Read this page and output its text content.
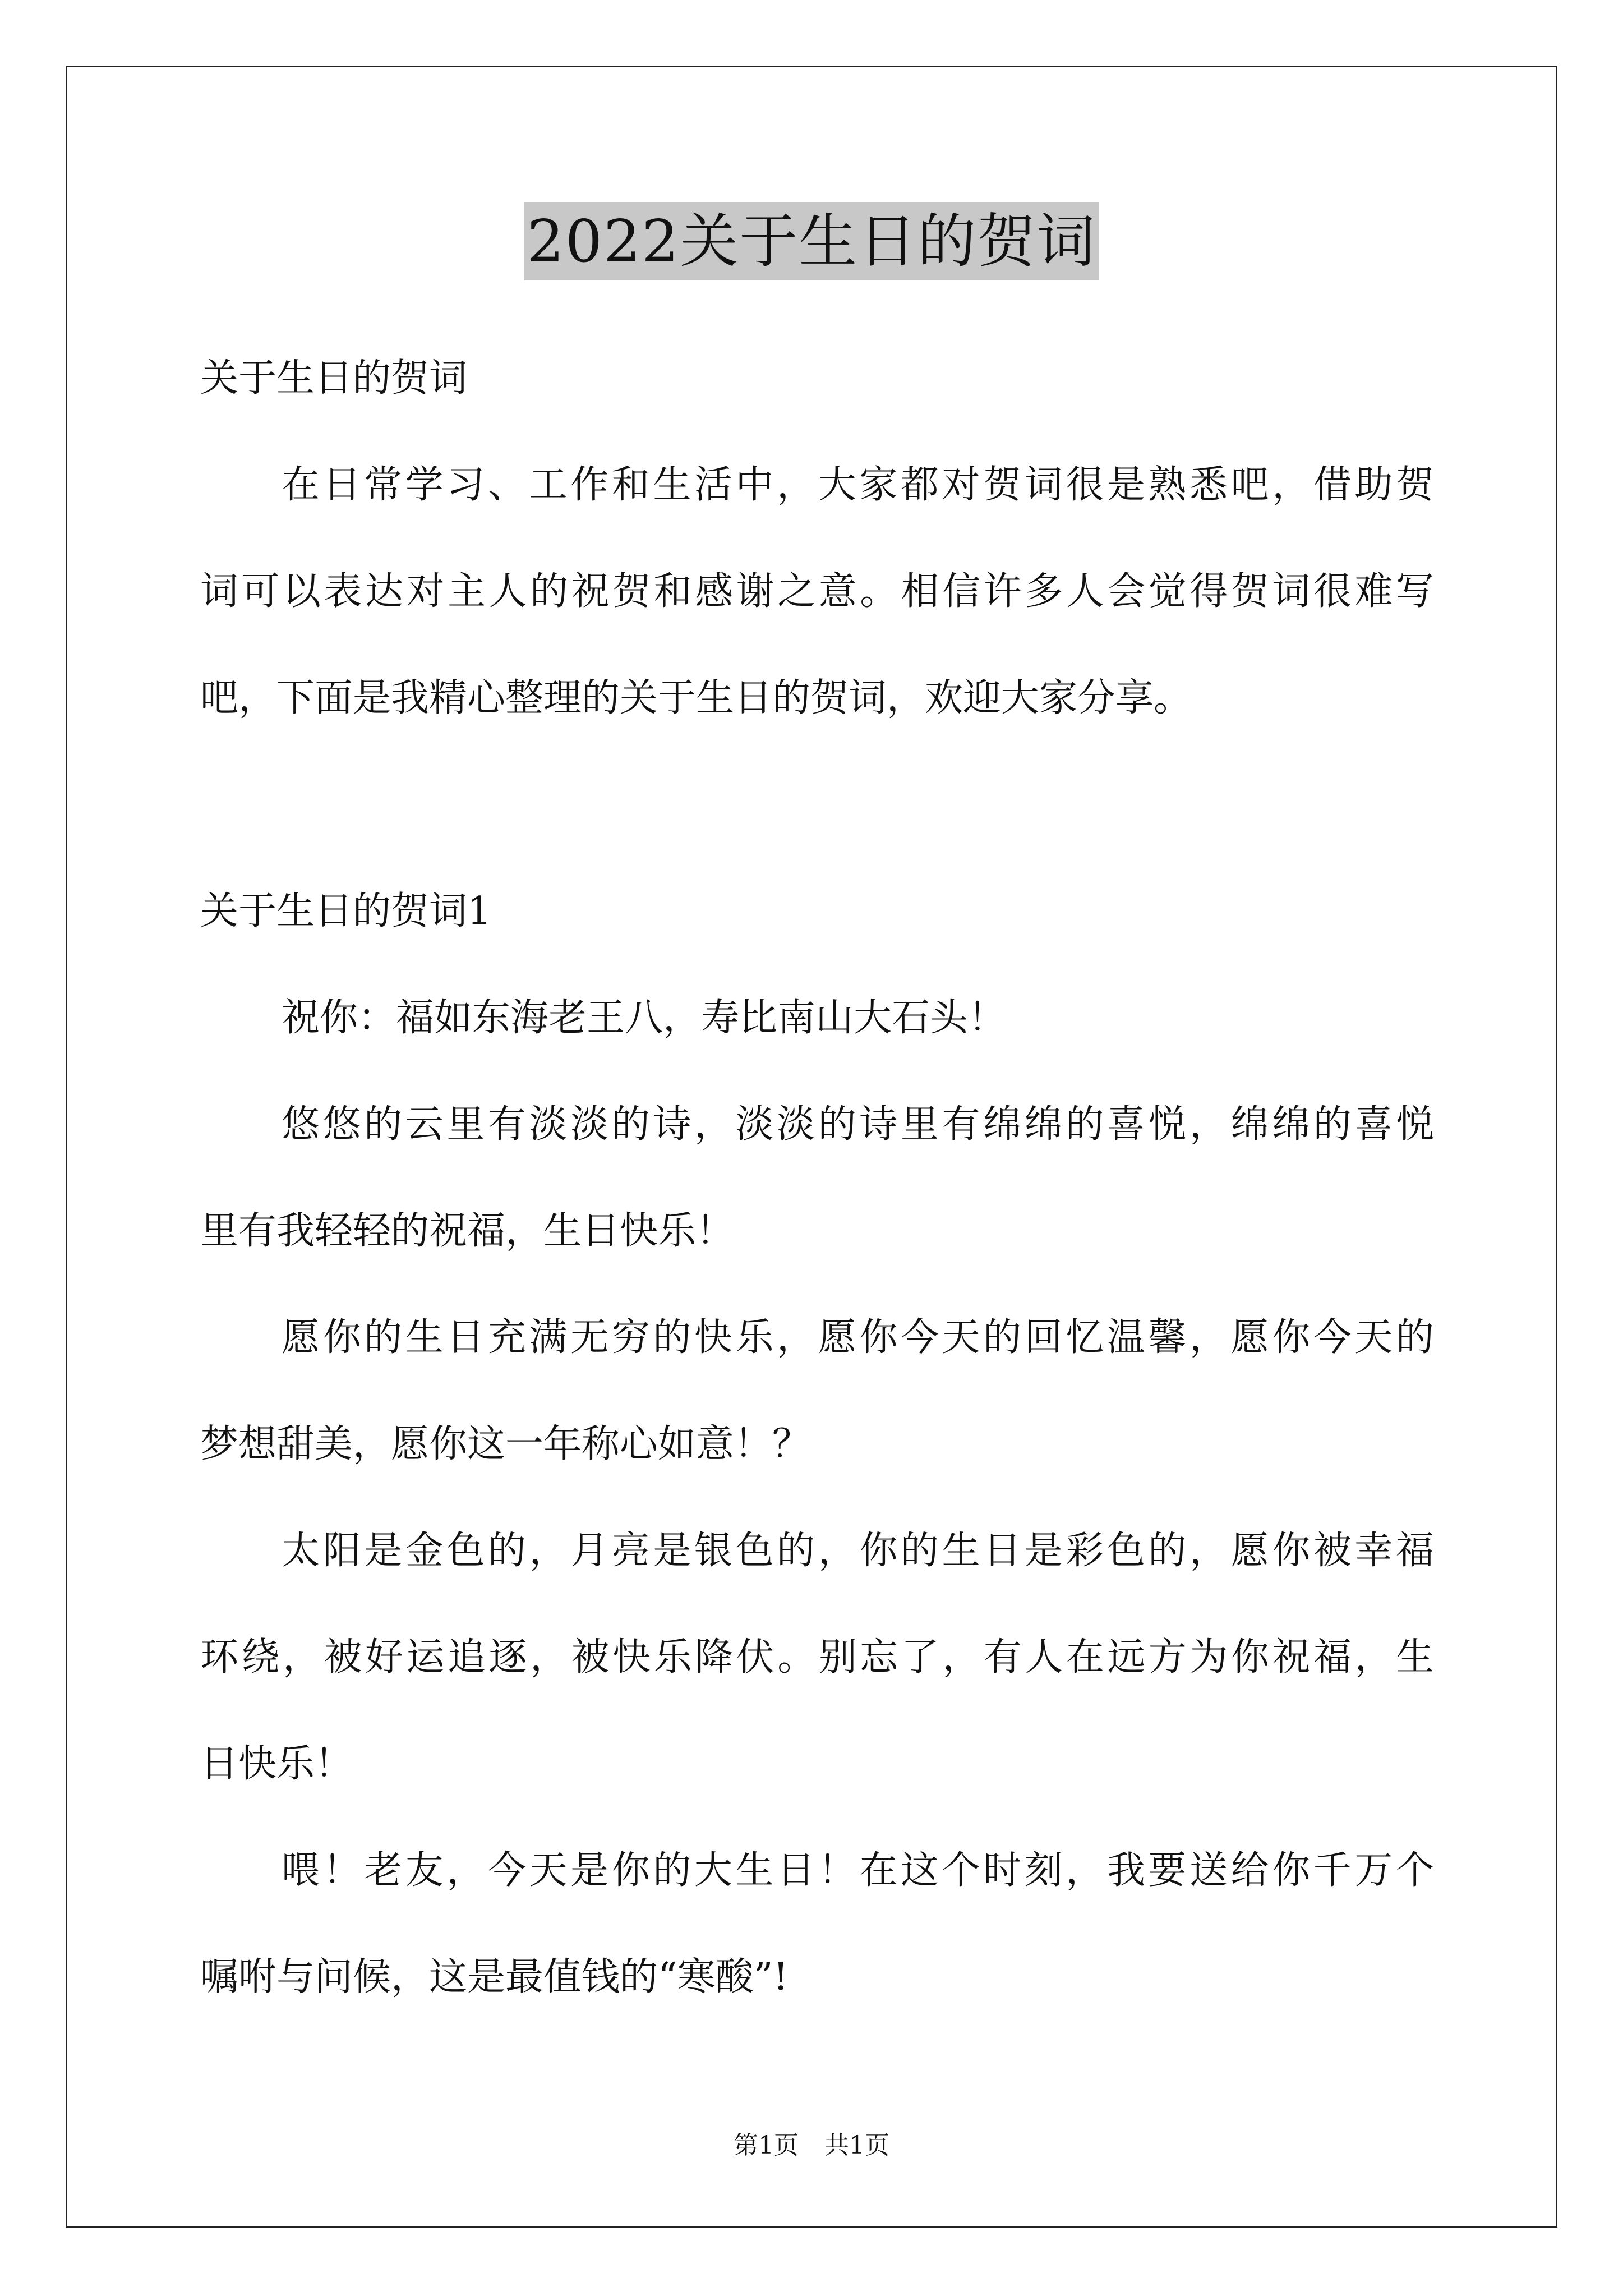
2022关于生日的贺词
关于生日的贺词
在日常学习、工作和生活中，大家都对贺词很是熟悉吧，借助贺
词可以表达对主人的祝贺和感谢之意。相信许多人会觉得贺词很难写
吧，下面是我精心整理的关于生日的贺词，欢迎大家分享。
关于生日的贺词1
祝你：福如东海老王八，寿比南山大石头！
悠悠的云里有淡淡的诗，淡淡的诗里有绵绵的喜悦，绵绵的喜悦
里有我轻轻的祝福，生日快乐！
愿你的生日充满无穷的快乐，愿你今天的回忆温馨，愿你今天的
梦想甜美，愿你这一年称心如意！？
太阳是金色的，月亮是银色的，你的生日是彩色的，愿你被幸福
环绕，被好运追逐，被快乐降伏。别忘了，有人在远方为你祝福，生
日快乐！
喂！老友，今天是你的大生日！在这个时刻，我要送给你千万个
嘱咐与问候，这是最值钱的“寒酸”!
第1页 共1页
